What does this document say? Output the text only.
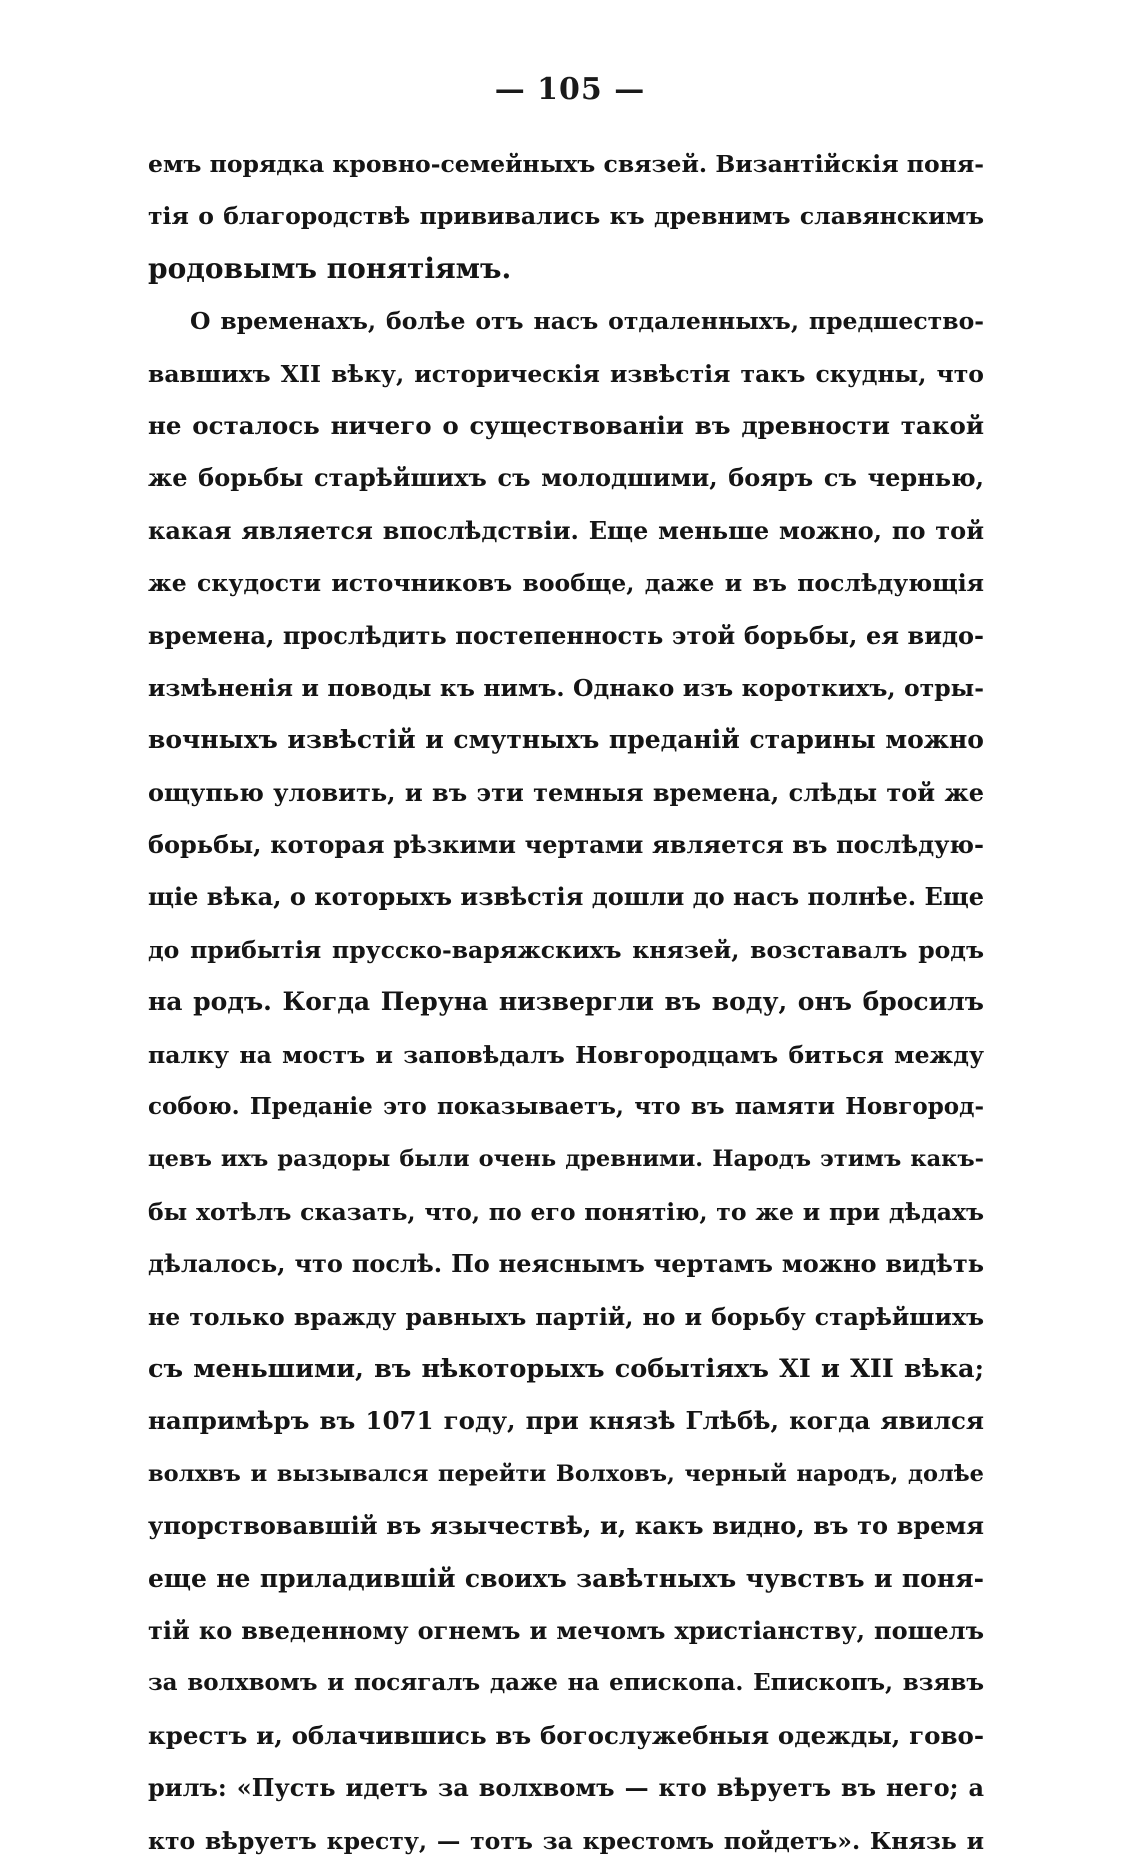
— 105 —
емъ порядка кровно-семейныхъ связей. Византійскія поня-
тія о благородствѣ прививались къ древнимъ славянскимъ
родовымъ понятіямъ.
О временахъ, болѣе отъ насъ отдаленныхъ, предшество-
вавшихъ XII вѣку, историческія извѣстія такъ скудны, что
не осталось ничего о существованіи въ древности такой
же борьбы старѣйшихъ съ молодшими, бояръ съ чернью,
какая является впослѣдствіи. Еще меньше можно, по той
же скудости источниковъ вообще, даже и въ послѣдующія
времена, прослѣдить постепенность этой борьбы, ея видо-
измѣненія и поводы къ нимъ. Однако изъ короткихъ, отры-
вочныхъ извѣстій и смутныхъ преданій старины можно
ощупью уловить, и въ эти темныя времена, слѣды той же
борьбы, которая рѣзкими чертами является въ послѣдую-
щіе вѣка, о которыхъ извѣстія дошли до насъ полнѣе. Еще
до прибытія прусско-варяжскихъ князей, возставалъ родъ
на родъ. Когда Перуна низвергли въ воду, онъ бросилъ
палку на мостъ и заповѣдалъ Новгородцамъ биться между
собою. Преданіе это показываетъ, что въ памяти Новгород-
цевъ ихъ раздоры были очень древними. Народъ этимъ какъ-
бы хотѣлъ сказать, что, по его понятію, то же и при дѣдахъ
дѣлалось, что послѣ. По неяснымъ чертамъ можно видѣть
не только вражду равныхъ партій, но и борьбу старѣйшихъ
съ меньшими, въ нѣкоторыхъ событіяхъ XI и XII вѣка;
напримѣръ въ 1071 году, при князѣ Глѣбѣ, когда явился
волхвъ и вызывался перейти Волховъ, черный народъ, долѣе
упорствовавшій въ язычествѣ, и, какъ видно, въ то время
еще не приладившій своихъ завѣтныхъ чувствъ и поня-
тій ко введенному огнемъ и мечомъ христіанству, пошелъ
за волхвомъ и посягалъ даже на епископа. Епископъ, взявъ
крестъ и, облачившись въ богослужебныя одежды, гово-
рилъ: «Пусть идетъ за волхвомъ — кто вѣруетъ въ него; а
кто вѣруетъ кресту, — тотъ за крестомъ пойдетъ». Князь и
